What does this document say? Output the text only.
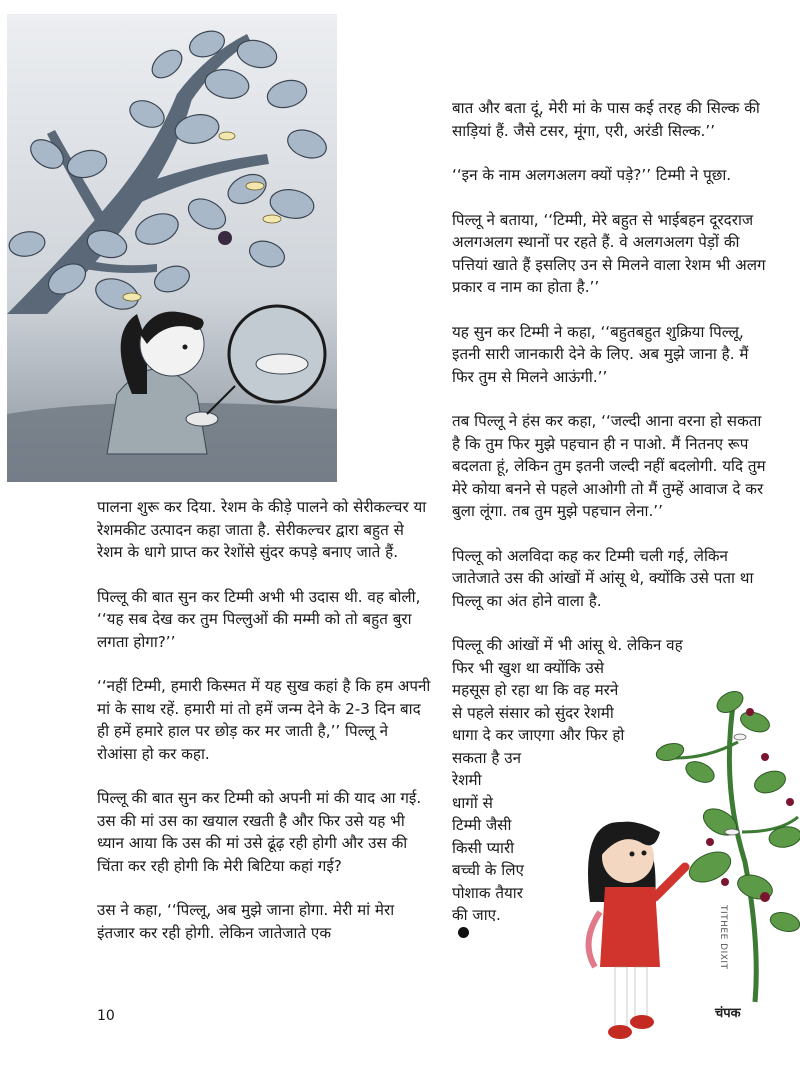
पालना शुरू कर दिया. रेशम के कीड़े पालने को सेरीकल्चर या रेशमकीट उत्पादन कहा जाता है. सेरीकल्चर द्वारा बहुत से रेशम के धागे प्राप्त कर रेशोंसे सुंदर कपड़े बनाए जाते हैं.

पिल्लू की बात सुन कर टिम्मी अभी भी उदास थी. वह बोली, ‘‘यह सब देख कर तुम पिल्लुओं की मम्मी को तो बहुत बुरा लगता होगा?’’

‘‘नहीं टिम्मी, हमारी किस्मत में यह सुख कहां है कि हम अपनी मां के साथ रहें. हमारी मां तो हमें जन्म देने के 2-3 दिन बाद ही हमें हमारे हाल पर छोड़ कर मर जाती है,’’ पिल्लू ने रोआंसा हो कर कहा.

पिल्लू की बात सुन कर टिम्मी को अपनी मां की याद आ गई. उस की मां उस का खयाल रखती है और फिर उसे यह भी ध्यान आया कि उस की मां उसे ढूंढ़ रही होगी और उस की चिंता कर रही होगी कि मेरी बिटिया कहां गई?

उस ने कहा, ‘‘पिल्लू, अब मुझे जाना होगा. मेरी मां मेरा इंतजार कर रही होगी. लेकिन जातेजाते एक

बात और बता दूं, मेरी मां के पास कई तरह की सिल्क की साड़ियां हैं. जैसे टसर, मूंगा, एरी, अरंडी सिल्क.’’

‘‘इन के नाम अलगअलग क्यों पड़े?’’ टिम्मी ने पूछा.

पिल्लू ने बताया, ‘‘टिम्मी, मेरे बहुत से भाईबहन दूरदराज अलगअलग स्थानों पर रहते हैं. वे अलगअलग पेड़ों की पत्तियां खाते हैं इसलिए उन से मिलने वाला रेशम भी अलग प्रकार व नाम का होता है.’’

यह सुन कर टिम्मी ने कहा, ‘‘बहुतबहुत शुक्रिया पिल्लू, इतनी सारी जानकारी देने के लिए. अब मुझे जाना है. मैं फिर तुम से मिलने आऊंगी.’’

तब पिल्लू ने हंस कर कहा, ‘‘जल्दी आना वरना हो सकता है कि तुम फिर मुझे पहचान ही न पाओ. मैं नितनए रूप बदलता हूं, लेकिन तुम इतनी जल्दी नहीं बदलोगी. यदि तुम मेरे कोया बनने से पहले आओगी तो मैं तुम्हें आवाज दे कर बुला लूंगा. तब तुम मुझे पहचान लेना.’’

पिल्लू को अलविदा कह कर टिम्मी चली गई, लेकिन जातेजाते उस की आंखों में आंसू थे, क्योंकि उसे पता था पिल्लू का अंत होने वाला है.

पिल्लू की आंखों में भी आंसू थे. लेकिन वह
फिर भी खुश था क्योंकि उसे
महसूस हो रहा था कि वह मरने
से पहले संसार को सुंदर रेशमी
धागा दे कर जाएगा और फिर हो
सकता है उन
रेशमी
धागों से
टिम्मी जैसी
किसी प्यारी
बच्ची के लिए
पोशाक तैयार
की जाए.	TITHEE DIXIT
10	चंपक
